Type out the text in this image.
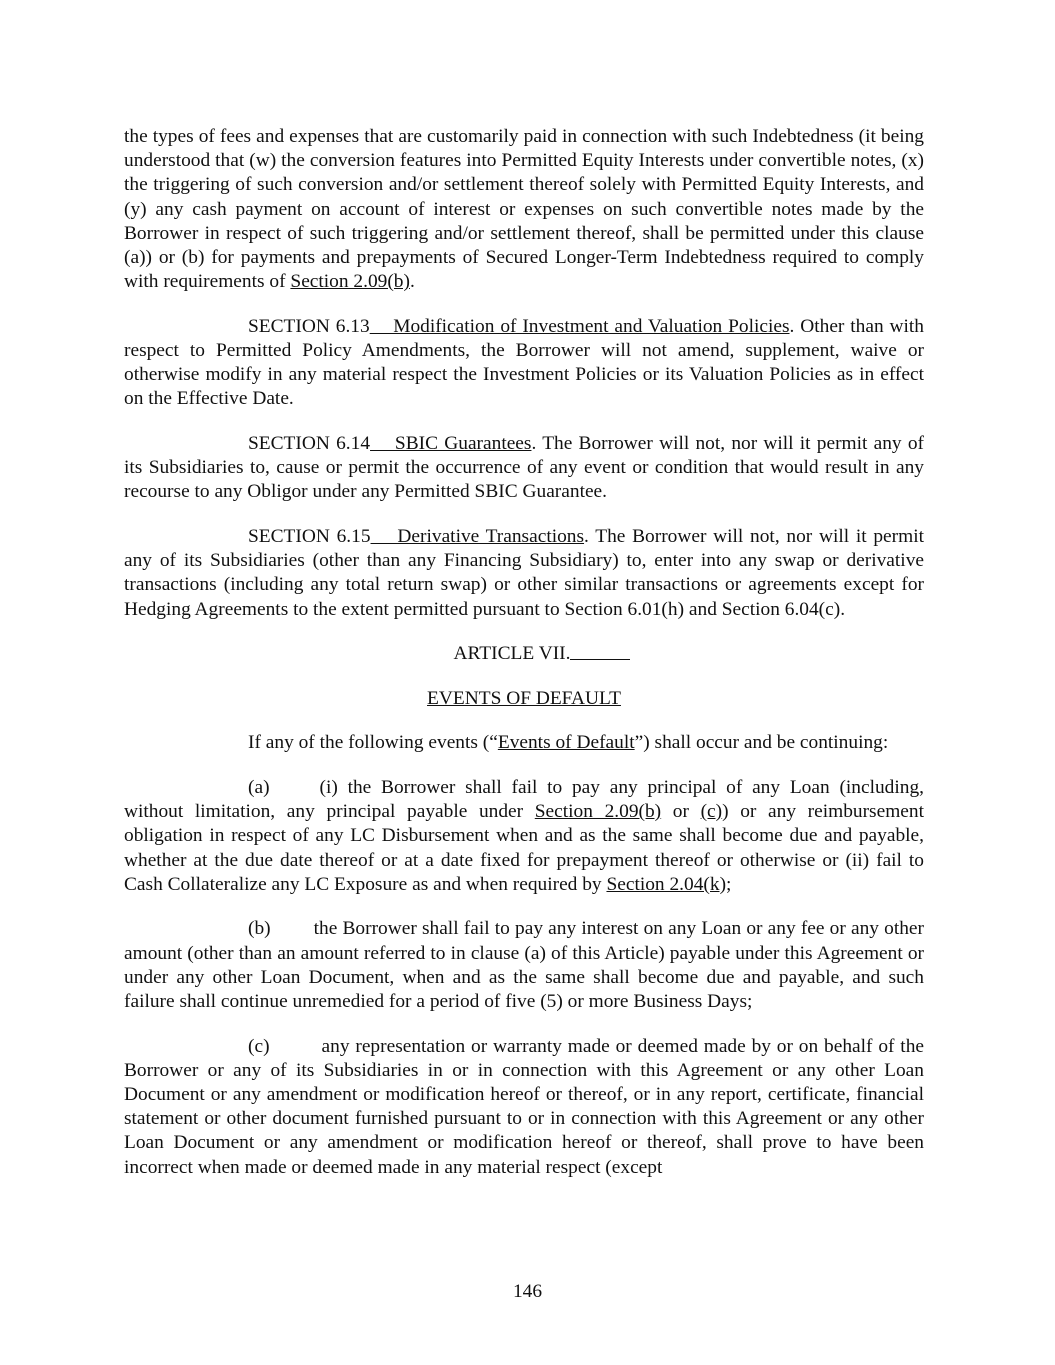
the types of fees and expenses that are customarily paid in connection with such Indebtedness (it being understood that (w) the conversion features into Permitted Equity Interests under convertible notes, (x) the triggering of such conversion and/or settlement thereof solely with Permitted Equity Interests, and (y) any cash payment on account of interest or expenses on such convertible notes made by the Borrower in respect of such triggering and/or settlement thereof, shall be permitted under this clause (a)) or (b) for payments and prepayments of Secured Longer-Term Indebtedness required to comply with requirements of Section 2.09(b).

SECTION 6.13    Modification of Investment and Valuation Policies. Other than with respect to Permitted Policy Amendments, the Borrower will not amend, supplement, waive or otherwise modify in any material respect the Investment Policies or its Valuation Policies as in effect on the Effective Date.

SECTION 6.14    SBIC Guarantees. The Borrower will not, nor will it permit any of its Subsidiaries to, cause or permit the occurrence of any event or condition that would result in any recourse to any Obligor under any Permitted SBIC Guarantee.

SECTION 6.15    Derivative Transactions. The Borrower will not, nor will it permit any of its Subsidiaries (other than any Financing Subsidiary) to, enter into any swap or derivative transactions (including any total return swap) or other similar transactions or agreements except for Hedging Agreements to the extent permitted pursuant to Section 6.01(h) and Section 6.04(c).

ARTICLE VII.

EVENTS OF DEFAULT

If any of the following events (“Events of Default”) shall occur and be continuing:

(a)	(i) the Borrower shall fail to pay any principal of any Loan (including, without limitation, any principal payable under Section 2.09(b) or (c)) or any reimbursement obligation in respect of any LC Disbursement when and as the same shall become due and payable, whether at the due date thereof or at a date fixed for prepayment thereof or otherwise or (ii) fail to Cash Collateralize any LC Exposure as and when required by Section 2.04(k);

(b) the Borrower shall fail to pay any interest on any Loan or any fee or any other amount (other than an amount referred to in clause (a) of this Article) payable under this Agreement or under any other Loan Document, when and as the same shall become due and payable, and such failure shall continue unremedied for a period of five (5) or more Business Days;

(c)	any representation or warranty made or deemed made by or on behalf of the Borrower or any of its Subsidiaries in or in connection with this Agreement or any other Loan Document or any amendment or modification hereof or thereof, or in any report, certificate, financial statement or other document furnished pursuant to or in connection with this Agreement or any other Loan Document or any amendment or modification hereof or thereof, shall prove to have been incorrect when made or deemed made in any material respect (except

146
